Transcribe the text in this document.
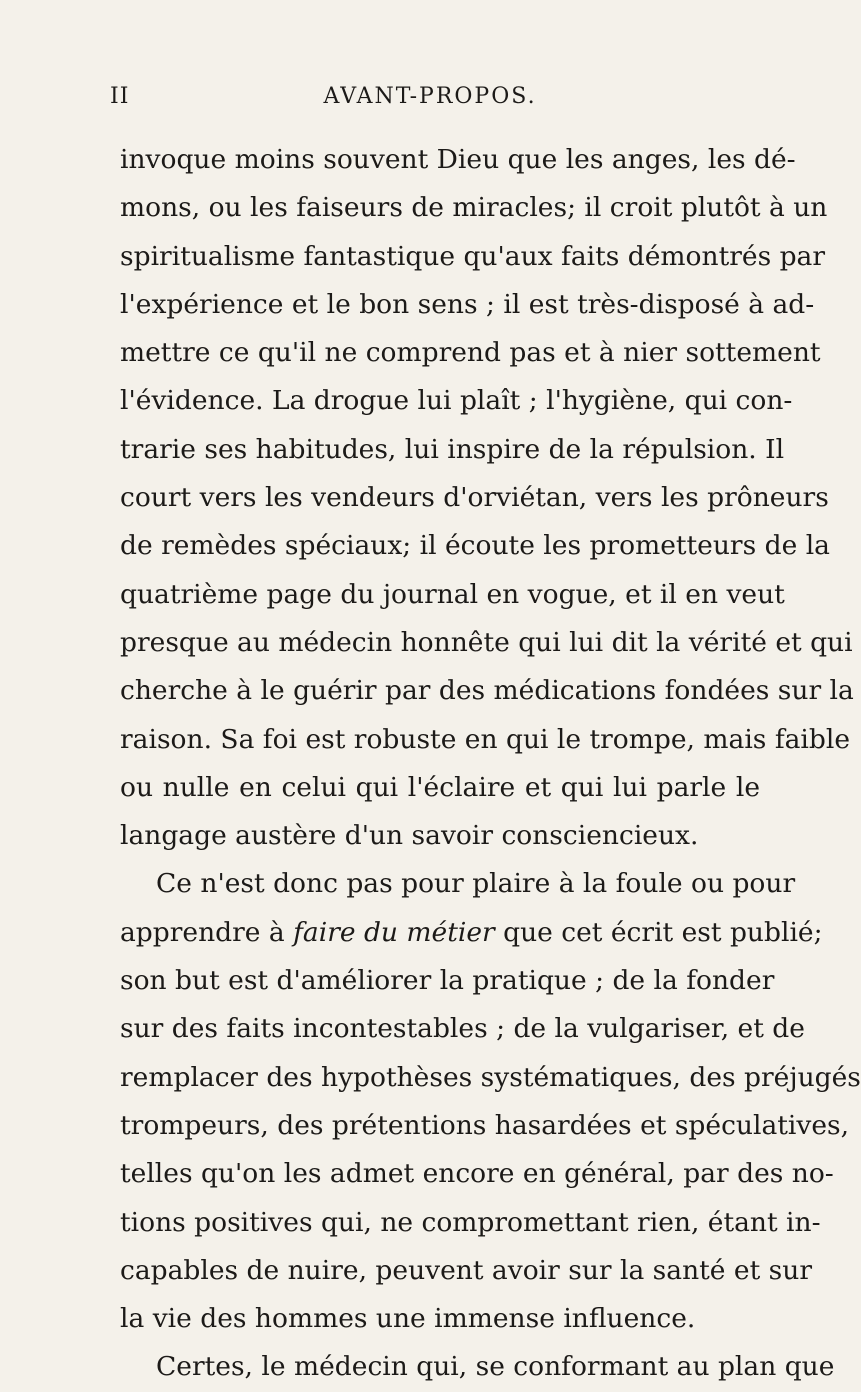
II	AVANT-PROPOS.
invoque moins souvent Dieu que les anges, les dé-
mons, ou les faiseurs de miracles; il croit plutôt à un
spiritualisme fantastique qu'aux faits démontrés par
l'expérience et le bon sens ; il est très-disposé à ad-
mettre ce qu'il ne comprend pas et à nier sottement
l'évidence. La drogue lui plaît ; l'hygiène, qui con-
trarie ses habitudes, lui inspire de la répulsion. Il
court vers les vendeurs d'orviétan, vers les prôneurs
de remèdes spéciaux; il écoute les prometteurs de la
quatrième page du journal en vogue, et il en veut
presque au médecin honnête qui lui dit la vérité et qui
cherche à le guérir par des médications fondées sur la
raison. Sa foi est robuste en qui le trompe, mais faible
ou nulle en celui qui l'éclaire et qui lui parle le
langage austère d'un savoir consciencieux.
Ce n'est donc pas pour plaire à la foule ou pour
apprendre à faire du métier que cet écrit est publié;
son but est d'améliorer la pratique ; de la fonder
sur des faits incontestables ; de la vulgariser, et de
remplacer des hypothèses systématiques, des préjugés
trompeurs, des prétentions hasardées et spéculatives,
telles qu'on les admet encore en général, par des no-
tions positives qui, ne compromettant rien, étant in-
capables de nuire, peuvent avoir sur la santé et sur
la vie des hommes une immense influence.
Certes, le médecin qui, se conformant au plan que
